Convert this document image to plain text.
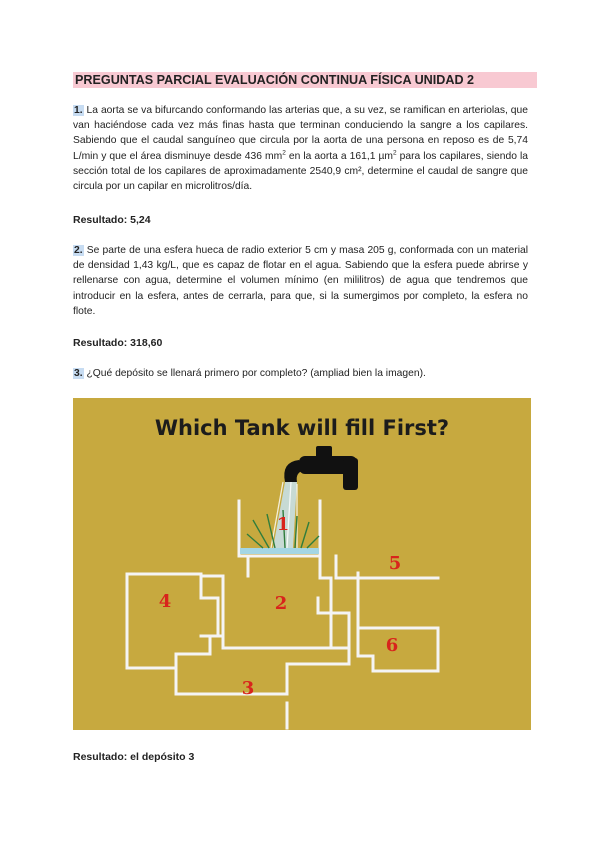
PREGUNTAS PARCIAL EVALUACIÓN CONTINUA FÍSICA UNIDAD 2
1. La aorta se va bifurcando conformando las arterias que, a su vez, se ramifican en arteriolas, que van haciéndose cada vez más finas hasta que terminan conduciendo la sangre a los capilares. Sabiendo que el caudal sanguíneo que circula por la aorta de una persona en reposo es de 5,74 L/min y que el área disminuye desde 436 $mm^2$ en la aorta a 161,1 µm$^2$ para los capilares, siendo la sección total de los capilares de aproximadamente 2540,9 cm², determine el caudal de sangre que circula por un capilar en microlitros/día.
Resultado: 5,24
2. Se parte de una esfera hueca de radio exterior 5 cm y masa 205 g, conformada con un material de densidad 1,43 kg/L, que es capaz de flotar en el agua. Sabiendo que la esfera puede abrirse y rellenarse con agua, determine el volumen mínimo (en mililitros) de agua que tendremos que introducir en la esfera, antes de cerrarla, para que, si la sumergimos por completo, la esfera no flote.
Resultado: 318,60
3. ¿Qué depósito se llenará primero por completo? (ampliad bien la imagen).
Which Tank will fill First?
1
2
3
4
5
6
Resultado: el depósito 3
